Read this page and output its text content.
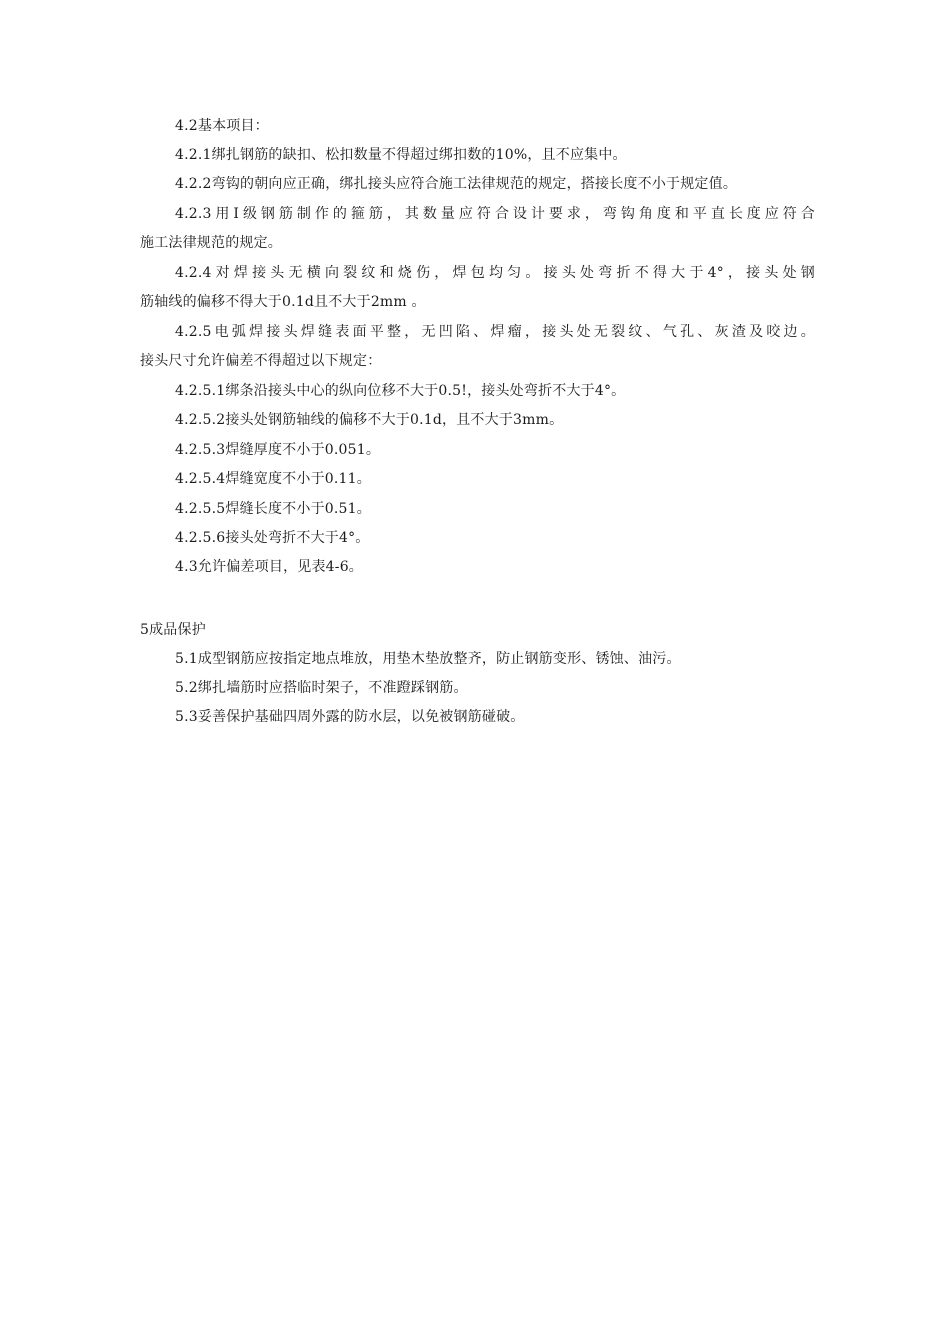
4.2基本项目：
4.2.1绑扎钢筋的缺扣、松扣数量不得超过绑扣数的10%，且不应集中。
4.2.2弯钩的朝向应正确，绑扎接头应符合施工法律规范的规定，搭接长度不小于规定值。
4.2.3用Ⅰ级钢筋制作的箍筋，其数量应符合设计要求，弯钩角度和平直长度应符合
施工法律规范的规定。
4.2.4对焊接头无横向裂纹和烧伤，焊包均匀。接头处弯折不得大于4°，接头处钢
筋轴线的偏移不得大于0.1d且不大于2mm 。
4.2.5电弧焊接头焊缝表面平整，无凹陷、焊瘤，接头处无裂纹、气孔、灰渣及咬边。
接头尺寸允许偏差不得超过以下规定：
4.2.5.1绑条沿接头中心的纵向位移不大于0.5!，接头处弯折不大于4°。
4.2.5.2接头处钢筋轴线的偏移不大于0.1d，且不大于3mm。
4.2.5.3焊缝厚度不小于0.051。
4.2.5.4焊缝宽度不小于0.11。
4.2.5.5焊缝长度不小于0.51。
4.2.5.6接头处弯折不大于4°。
4.3允许偏差项目，见表4-6。
5成品保护
5.1成型钢筋应按指定地点堆放，用垫木垫放整齐，防止钢筋变形、锈蚀、油污。
5.2绑扎墙筋时应搭临时架子，不准蹬踩钢筋。
5.3妥善保护基础四周外露的防水层，以免被钢筋碰破。
